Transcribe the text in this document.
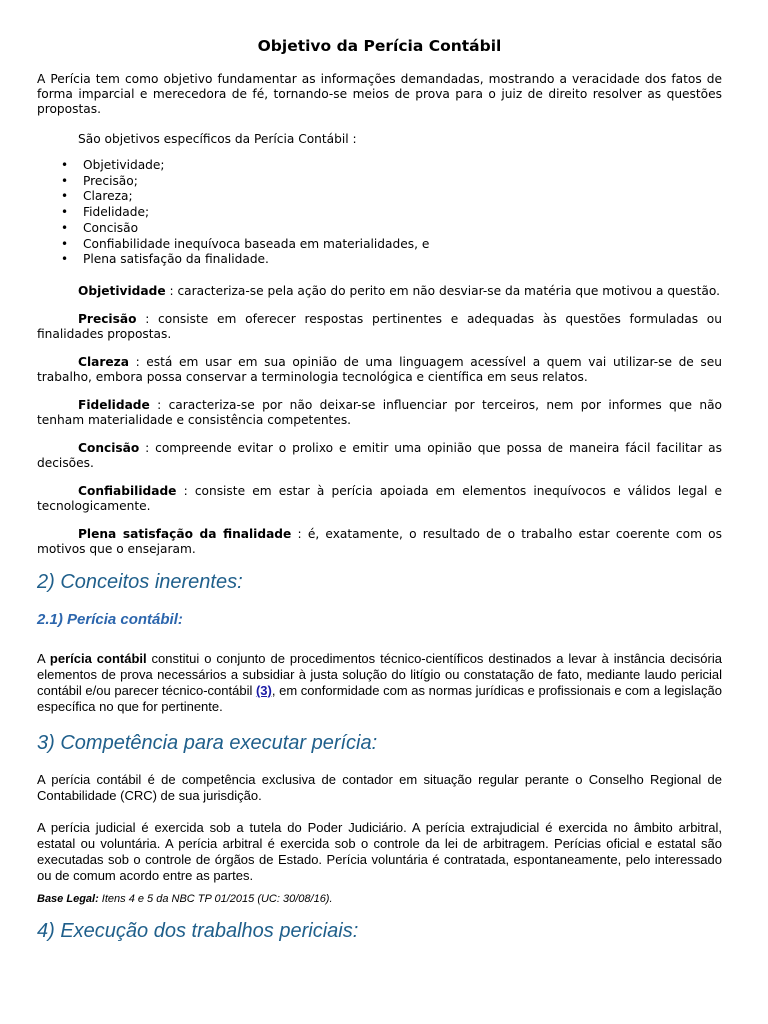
Objetivo da Perícia Contábil

A Perícia tem como objetivo fundamentar as informações demandadas, mostrando a veracidade dos fatos de forma imparcial e merecedora de fé, tornando-se meios de prova para o juiz de direito resolver as questões propostas.

São objetivos específicos da Perícia Contábil :

• Objetividade;
• Precisão;
• Clareza;
• Fidelidade;
• Concisão
• Confiabilidade inequívoca baseada em materialidades, e
• Plena satisfação da finalidade.

Objetividade : caracteriza-se pela ação do perito em não desviar-se da matéria que motivou a questão.

Precisão : consiste em oferecer respostas pertinentes e adequadas às questões formuladas ou finalidades propostas.

Clareza : está em usar em sua opinião de uma linguagem acessível a quem vai utilizar-se de seu trabalho, embora possa conservar a terminologia tecnológica e científica em seus relatos.

Fidelidade : caracteriza-se por não deixar-se influenciar por terceiros, nem por informes que não tenham materialidade e consistência competentes.

Concisão : compreende evitar o prolixo e emitir uma opinião que possa de maneira fácil facilitar as decisões.

Confiabilidade : consiste em estar à perícia apoiada em elementos inequívocos e válidos legal e tecnologicamente.

Plena satisfação da finalidade : é, exatamente, o resultado de o trabalho estar coerente com os motivos que o ensejaram.

2) Conceitos inerentes:
2.1) Perícia contábil:

A perícia contábil constitui o conjunto de procedimentos técnico-científicos destinados a levar à instância decisória elementos de prova necessários a subsidiar à justa solução do litígio ou constatação de fato, mediante laudo pericial contábil e/ou parecer técnico-contábil (3), em conformidade com as normas jurídicas e profissionais e com a legislação específica no que for pertinente.

3) Competência para executar perícia:

A perícia contábil é de competência exclusiva de contador em situação regular perante o Conselho Regional de Contabilidade (CRC) de sua jurisdição.

A perícia judicial é exercida sob a tutela do Poder Judiciário. A perícia extrajudicial é exercida no âmbito arbitral, estatal ou voluntária. A perícia arbitral é exercida sob o controle da lei de arbitragem. Perícias oficial e estatal são executadas sob o controle de órgãos de Estado. Perícia voluntária é contratada, espontaneamente, pelo interessado ou de comum acordo entre as partes.

Base Legal: Itens 4 e 5 da NBC TP 01/2015 (UC: 30/08/16).

4) Execução dos trabalhos periciais:
